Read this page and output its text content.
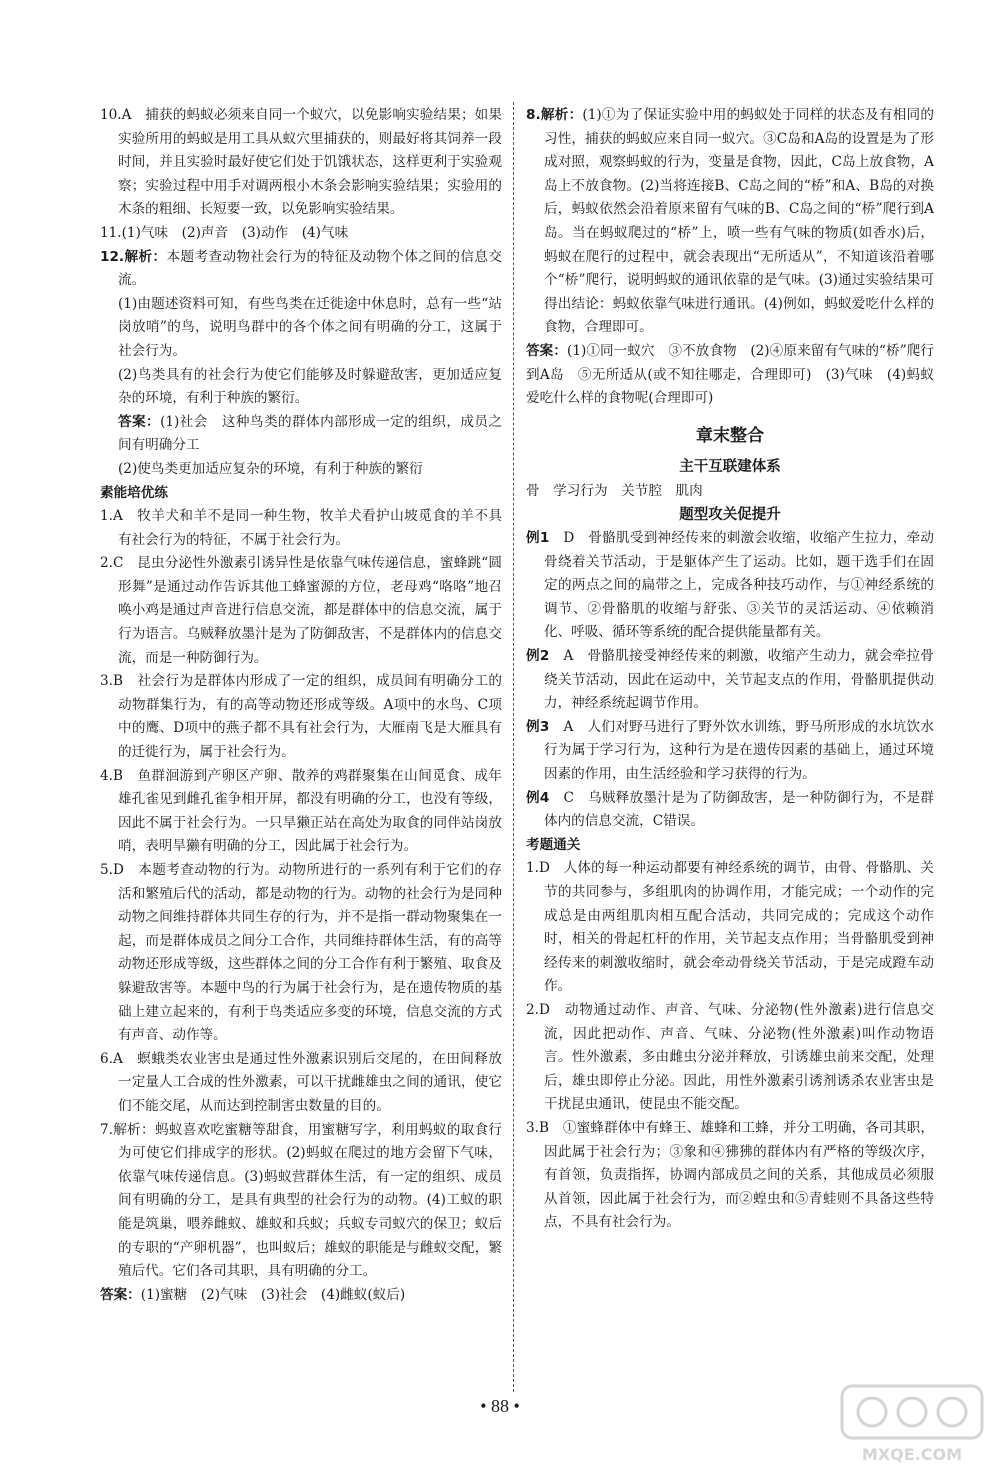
10.A　捕获的蚂蚁必须来自同一个蚁穴，以免影响实验结果；如果实验所用的蚂蚁是用工具从蚁穴里捕获的，则最好将其饲养一段时间，并且实验时最好使它们处于饥饿状态，这样更利于实验观察；实验过程中用手对调两根小木条会影响实验结果；实验用的木条的粗细、长短要一致，以免影响实验结果。

11.(1)气味　(2)声音　(3)动作　(4)气味

12.解析：本题考查动物社会行为的特征及动物个体之间的信息交流。

(1)由题述资料可知，有些鸟类在迁徙途中休息时，总有一些“站岗放哨”的鸟，说明鸟群中的各个体之间有明确的分工，这属于社会行为。

(2)鸟类具有的社会行为使它们能够及时躲避敌害，更加适应复杂的环境，有利于种族的繁衍。

答案：(1)社会　这种鸟类的群体内部形成一定的组织，成员之间有明确分工

(2)使鸟类更加适应复杂的环境，有利于种族的繁衍

素能培优练

1.A　牧羊犬和羊不是同一种生物，牧羊犬看护山坡觅食的羊不具有社会行为的特征，不属于社会行为。

2.C　昆虫分泌性外激素引诱异性是依靠气味传递信息，蜜蜂跳“圆形舞”是通过动作告诉其他工蜂蜜源的方位，老母鸡“咯咯”地召唤小鸡是通过声音进行信息交流，都是群体中的信息交流，属于行为语言。乌贼释放墨汁是为了防御敌害，不是群体内的信息交流，而是一种防御行为。

3.B　社会行为是群体内形成了一定的组织，成员间有明确分工的动物群集行为，有的高等动物还形成等级。A项中的水鸟、C项中的鹰、D项中的燕子都不具有社会行为，大雁南飞是大雁具有的迁徙行为，属于社会行为。

4.B　鱼群洄游到产卵区产卵、散养的鸡群聚集在山间觅食、成年雄孔雀见到雌孔雀争相开屏，都没有明确的分工，也没有等级，因此不属于社会行为。一只旱獭正站在高处为取食的同伴站岗放哨，表明旱獭有明确的分工，因此属于社会行为。

5.D　本题考查动物的行为。动物所进行的一系列有利于它们的存活和繁殖后代的活动，都是动物的行为。动物的社会行为是同种动物之间维持群体共同生存的行为，并不是指一群动物聚集在一起，而是群体成员之间分工合作，共同维持群体生活，有的高等动物还形成等级，这些群体之间的分工合作有利于繁殖、取食及躲避敌害等。本题中鸟的行为属于社会行为，是在遗传物质的基础上建立起来的，有利于鸟类适应多变的环境，信息交流的方式有声音、动作等。

6.A　螟蛾类农业害虫是通过性外激素识别后交尾的，在田间释放一定量人工合成的性外激素，可以干扰雌雄虫之间的通讯，使它们不能交尾，从而达到控制害虫数量的目的。

7.解析：蚂蚁喜欢吃蜜糖等甜食，用蜜糖写字，利用蚂蚁的取食行为可使它们排成字的形状。(2)蚂蚁在爬过的地方会留下气味，依靠气味传递信息。(3)蚂蚁营群体生活，有一定的组织、成员间有明确的分工，是具有典型的社会行为的动物。(4)工蚁的职能是筑巢，喂养雌蚁、雄蚁和兵蚁；兵蚁专司蚁穴的保卫；蚁后的专职的“产卵机器”，也叫蚁后；雄蚁的职能是与雌蚁交配，繁殖后代。它们各司其职，具有明确的分工。

答案：(1)蜜糖　(2)气味　(3)社会　(4)雌蚁(蚁后)

8.解析：(1)①为了保证实验中用的蚂蚁处于同样的状态及有相同的习性，捕获的蚂蚁应来自同一蚁穴。③C岛和A岛的设置是为了形成对照，观察蚂蚁的行为，变量是食物，因此，C岛上放食物，A岛上不放食物。(2)当将连接B、C岛之间的“桥”和A、B岛的对换后，蚂蚁依然会沿着原来留有气味的B、C岛之间的“桥”爬行到A岛。当在蚂蚁爬过的“桥”上，喷一些有气味的物质(如香水)后，蚂蚁在爬行的过程中，就会表现出“无所适从”，不知道该沿着哪个“桥”爬行，说明蚂蚁的通讯依靠的是气味。(3)通过实验结果可得出结论：蚂蚁依靠气味进行通讯。(4)例如，蚂蚁爱吃什么样的食物，合理即可。

答案：(1)①同一蚁穴　③不放食物　(2)④原来留有气味的“桥”爬行到A岛　⑤无所适从(或不知往哪走，合理即可)　(3)气味　(4)蚂蚁爱吃什么样的食物呢(合理即可)

章末整合

主干互联建体系

骨　学习行为　关节腔　肌肉

题型攻关促提升

例1　 D　骨骼肌受到神经传来的刺激会收缩，收缩产生拉力，牵动骨绕着关节活动，于是躯体产生了运动。比如，题干选手们在固定的两点之间的扁带之上，完成各种技巧动作，与①神经系统的调节、②骨骼肌的收缩与舒张、③关节的灵活运动、④依赖消化、呼吸、循环等系统的配合提供能量都有关。

例2　 A　骨骼肌接受神经传来的刺激，收缩产生动力，就会牵拉骨绕关节活动，因此在运动中，关节起支点的作用，骨骼肌提供动力，神经系统起调节作用。

例3　 A　人们对野马进行了野外饮水训练，野马所形成的水坑饮水行为属于学习行为，这种行为是在遗传因素的基础上，通过环境因素的作用，由生活经验和学习获得的行为。

例4　 C　乌贼释放墨汁是为了防御敌害，是一种防御行为，不是群体内的信息交流，C错误。

考题通关

1.D　人体的每一种运动都要有神经系统的调节，由骨、骨骼肌、关节的共同参与，多组肌肉的协调作用，才能完成；一个动作的完成总是由两组肌肉相互配合活动，共同完成的；完成这个动作时，相关的骨起杠杆的作用，关节起支点作用；当骨骼肌受到神经传来的刺激收缩时，就会牵动骨绕关节活动，于是完成蹬车动作。

2.D　动物通过动作、声音、气味、分泌物(性外激素)进行信息交流，因此把动作、声音、气味、分泌物(性外激素)叫作动物语言。性外激素，多由雌虫分泌并释放，引诱雄虫前来交配，处理后，雄虫即停止分泌。因此，用性外激素引诱剂诱杀农业害虫是干扰昆虫通讯，使昆虫不能交配。

3.B　①蜜蜂群体中有蜂王、雄蜂和工蜂，并分工明确，各司其职，因此属于社会行为；③象和④狒狒的群体内有严格的等级次序，有首领，负责指挥，协调内部成员之间的关系，其他成员必须服从首领，因此属于社会行为，而②蝗虫和⑤青蛙则不具备这些特点，不具有社会行为。

• 88 •
MXQE.COM
